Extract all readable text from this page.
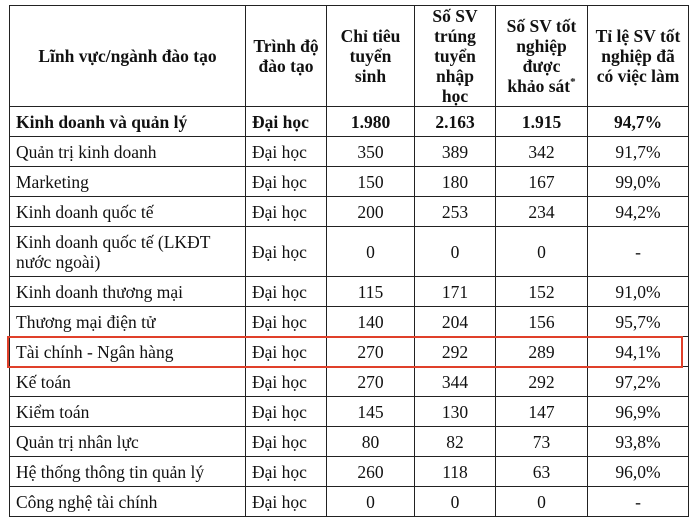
Lĩnh vực/ngành đào tạo	Trình độ đào tạo	Chỉ tiêu tuyển sinh	Số SV trúng tuyển nhập học	Số SV tốt nghiệp được khảo sát*	Tỉ lệ SV tốt nghiệp đã có việc làm
Kinh doanh và quản lý	Đại học	1.980	2.163	1.915	94,7%
Quản trị kinh doanh	Đại học	350	389	342	91,7%
Marketing	Đại học	150	180	167	99,0%
Kinh doanh quốc tế	Đại học	200	253	234	94,2%
Kinh doanh quốc tế (LKĐT nước ngoài)	Đại học	0	0	0	-
Kinh doanh thương mại	Đại học	115	171	152	91,0%
Thương mại điện tử	Đại học	140	204	156	95,7%
Tài chính - Ngân hàng	Đại học	270	292	289	94,1%
Kế toán	Đại học	270	344	292	97,2%
Kiểm toán	Đại học	145	130	147	96,9%
Quản trị nhân lực	Đại học	80	82	73	93,8%
Hệ thống thông tin quản lý	Đại học	260	118	63	96,0%
Công nghệ tài chính	Đại học	0	0	0	-
